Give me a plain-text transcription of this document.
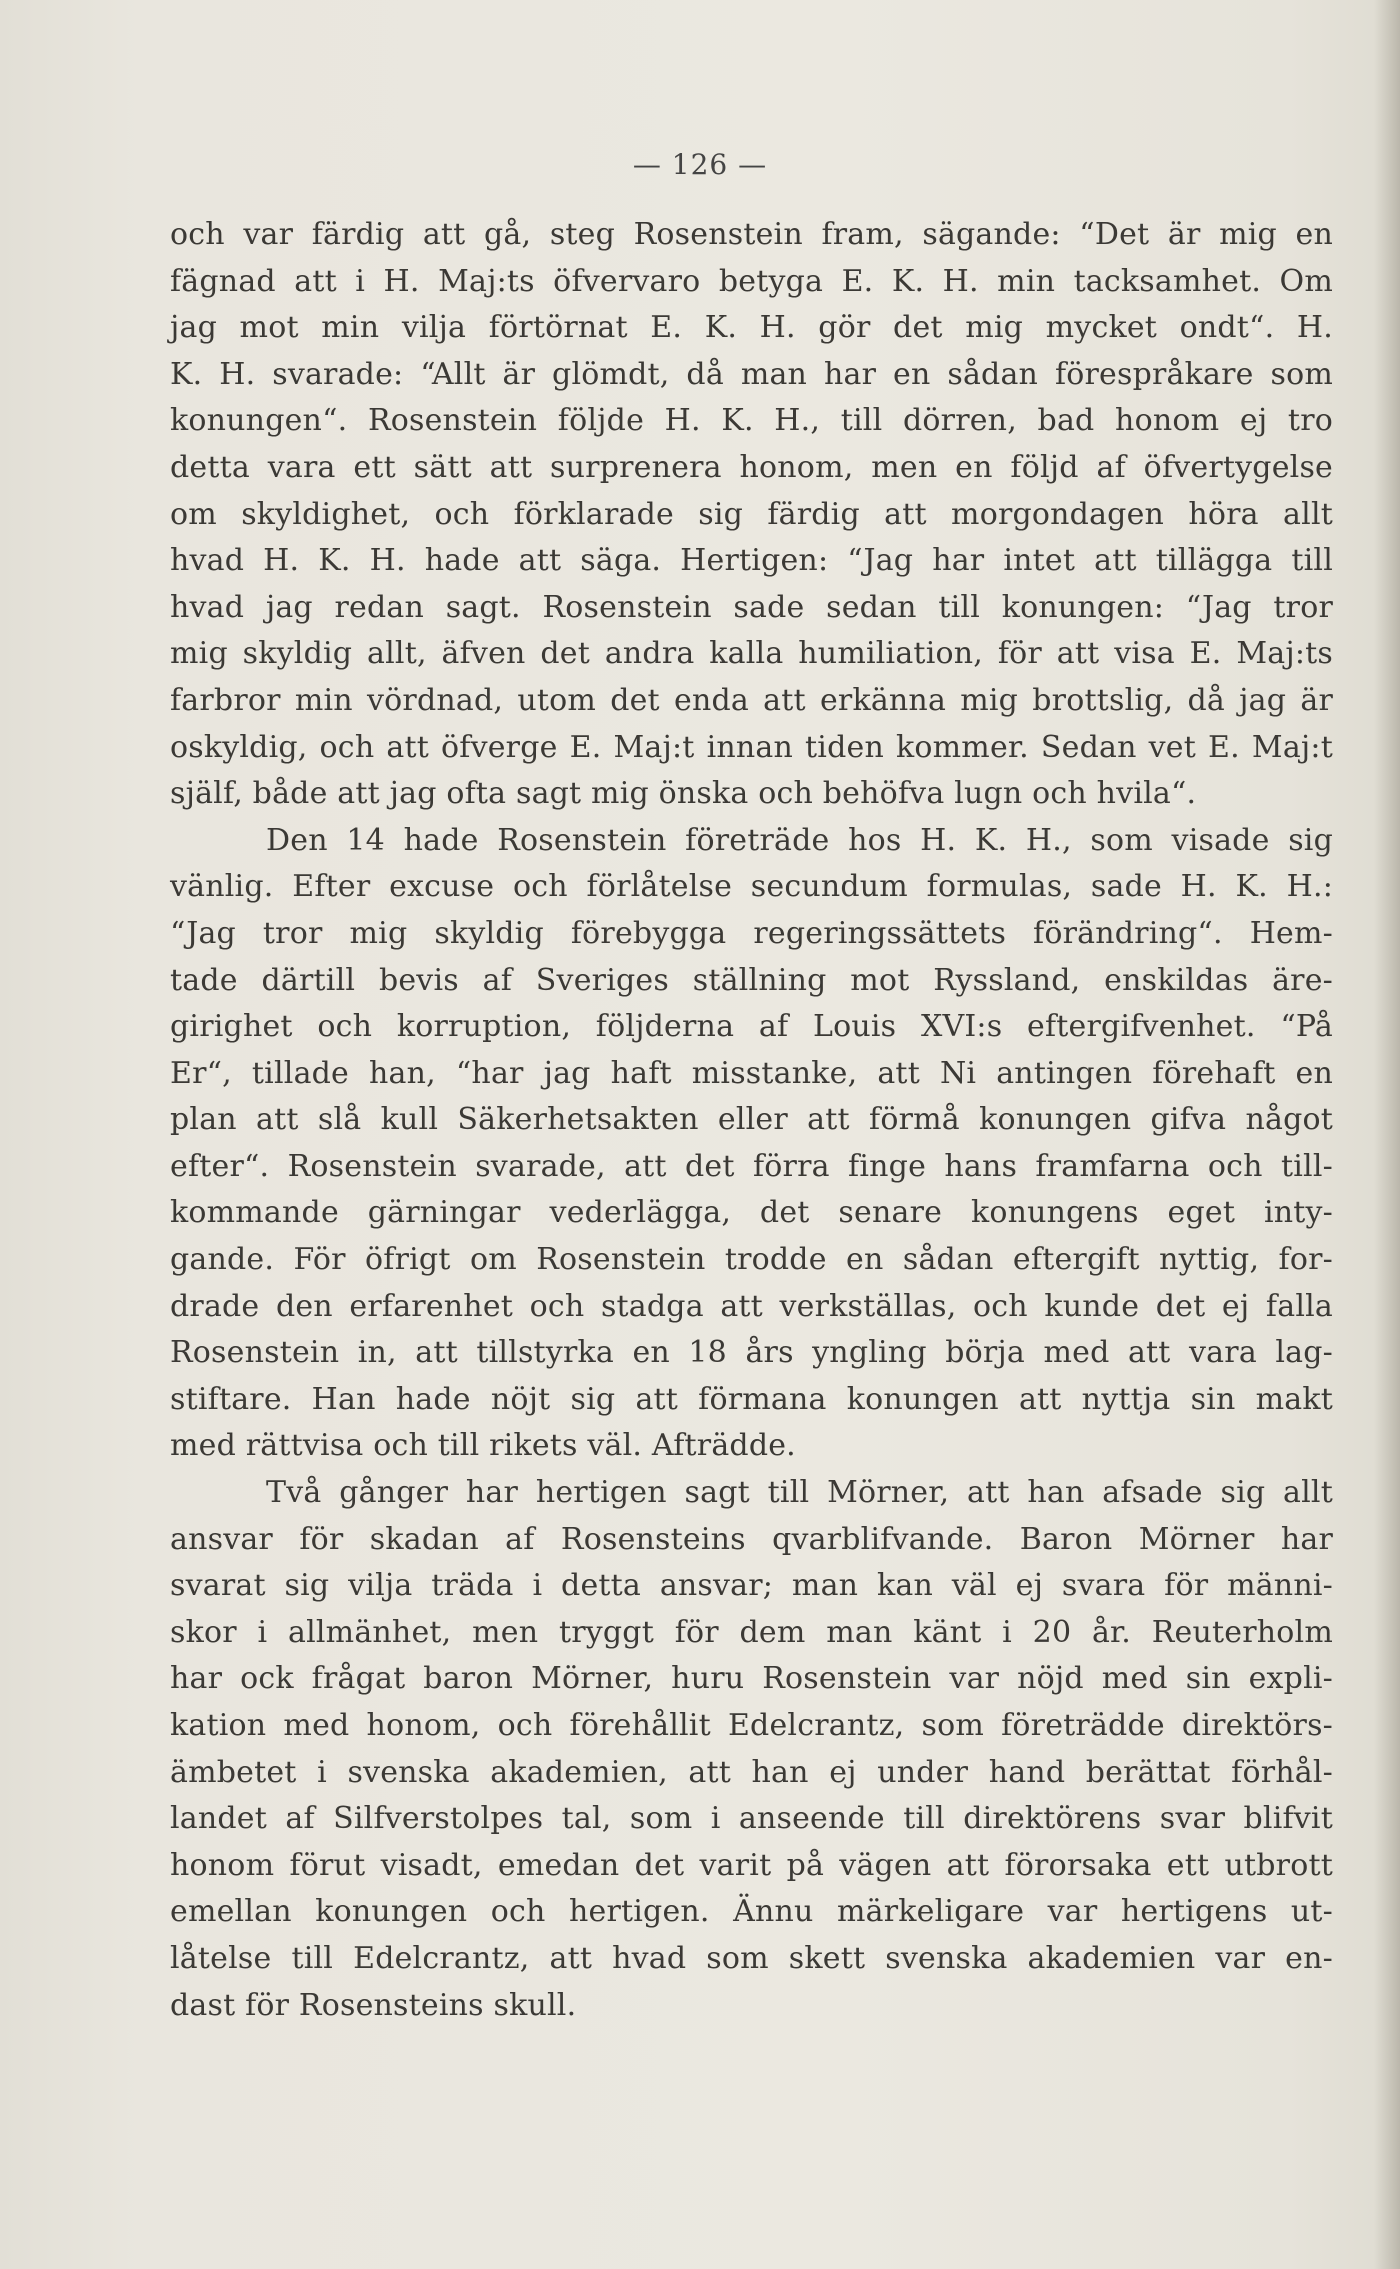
— 126 —
och var färdig att gå, steg Rosenstein fram, sägande: “Det är mig en
fägnad att i H. Maj:ts öfvervaro betyga E. K. H. min tacksamhet. Om
jag mot min vilja förtörnat E. K. H. gör det mig mycket ondt“. H.
K. H. svarade: “Allt är glömdt, då man har en sådan förespråkare som
konungen“. Rosenstein följde H. K. H., till dörren, bad honom ej tro
detta vara ett sätt att surprenera honom, men en följd af öfvertygelse
om skyldighet, och förklarade sig färdig att morgondagen höra allt
hvad H. K. H. hade att säga. Hertigen: “Jag har intet att tillägga till
hvad jag redan sagt. Rosenstein sade sedan till konungen: “Jag tror
mig skyldig allt, äfven det andra kalla humiliation, för att visa E. Maj:ts
farbror min vördnad, utom det enda att erkänna mig brottslig, då jag är
oskyldig, och att öfverge E. Maj:t innan tiden kommer. Sedan vet E. Maj:t
själf, både att jag ofta sagt mig önska och behöfva lugn och hvila“.
Den 14 hade Rosenstein företräde hos H. K. H., som visade sig
vänlig. Efter excuse och förlåtelse secundum formulas, sade H. K. H.:
“Jag tror mig skyldig förebygga regeringssättets förändring“. Hem-
tade därtill bevis af Sveriges ställning mot Ryssland, enskildas äre-
girighet och korruption, följderna af Louis XVI:s eftergifvenhet. “På
Er“, tillade han, “har jag haft misstanke, att Ni antingen förehaft en
plan att slå kull Säkerhetsakten eller att förmå konungen gifva något
efter“. Rosenstein svarade, att det förra finge hans framfarna och till-
kommande gärningar vederlägga, det senare konungens eget inty-
gande. För öfrigt om Rosenstein trodde en sådan eftergift nyttig, for-
drade den erfarenhet och stadga att verkställas, och kunde det ej falla
Rosenstein in, att tillstyrka en 18 års yngling börja med att vara lag-
stiftare. Han hade nöjt sig att förmana konungen att nyttja sin makt
med rättvisa och till rikets väl. Afträdde.
Två gånger har hertigen sagt till Mörner, att han afsade sig allt
ansvar för skadan af Rosensteins qvarblifvande. Baron Mörner har
svarat sig vilja träda i detta ansvar; man kan väl ej svara för männi-
skor i allmänhet, men tryggt för dem man känt i 20 år. Reuterholm
har ock frågat baron Mörner, huru Rosenstein var nöjd med sin expli-
kation med honom, och förehållit Edelcrantz, som företrädde direktörs-
ämbetet i svenska akademien, att han ej under hand berättat förhål-
landet af Silfverstolpes tal, som i anseende till direktörens svar blifvit
honom förut visadt, emedan det varit på vägen att förorsaka ett utbrott
emellan konungen och hertigen. Ännu märkeligare var hertigens ut-
låtelse till Edelcrantz, att hvad som skett svenska akademien var en-
dast för Rosensteins skull.
